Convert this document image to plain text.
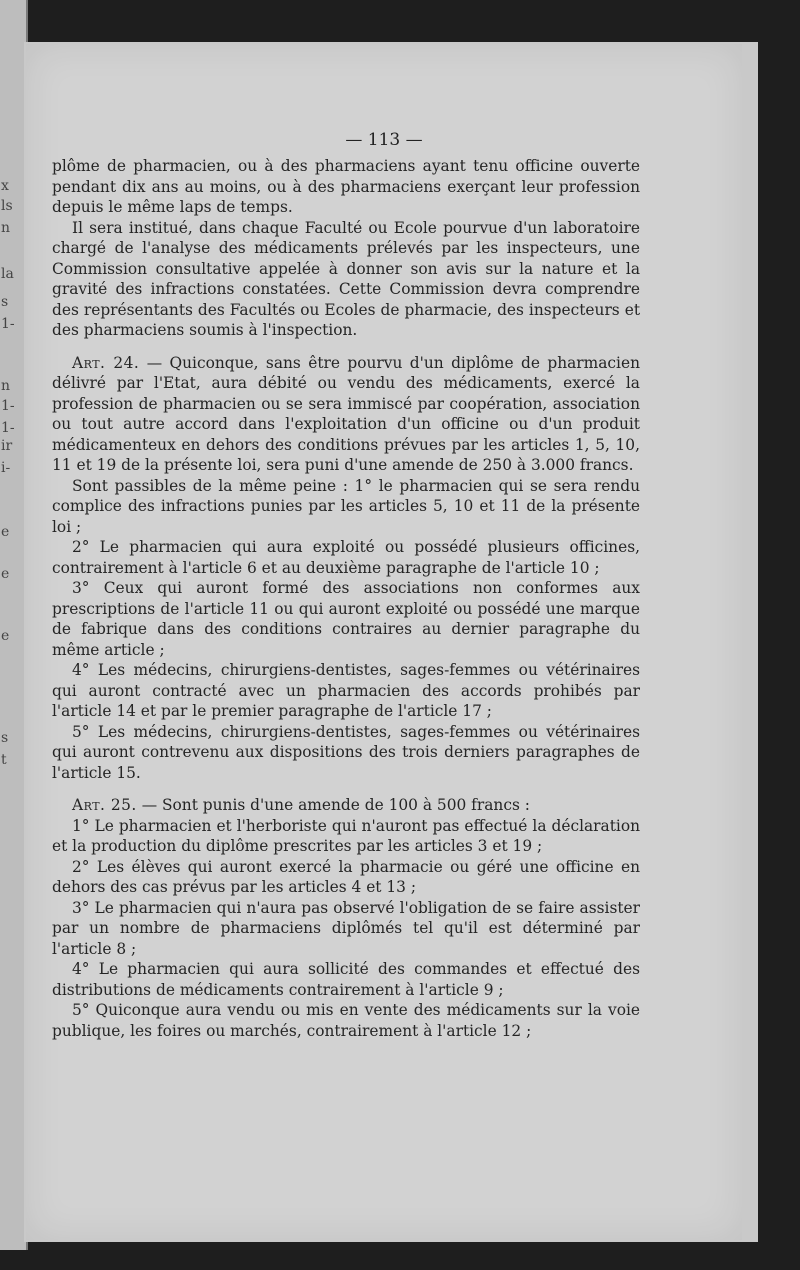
x
ls
n
la
s
1-
n
1-
1-
ir
i-
e
e
e
s
t
— 113 —

plôme de pharmacien, ou à des pharmaciens ayant tenu officine ouverte pendant dix ans au moins, ou à des pharmaciens exerçant leur profession depuis le même laps de temps.

Il sera institué, dans chaque Faculté ou Ecole pourvue d'un laboratoire chargé de l'analyse des médicaments prélevés par les inspecteurs, une Commission consultative appelée à donner son avis sur la nature et la gravité des infractions constatées. Cette Commission devra comprendre des représentants des Facultés ou Ecoles de pharmacie, des inspecteurs et des pharmaciens soumis à l'inspection.

Art. 24. — Quiconque, sans être pourvu d'un diplôme de pharmacien délivré par l'Etat, aura débité ou vendu des médicaments, exercé la profession de pharmacien ou se sera immiscé par coopération, association ou tout autre accord dans l'exploitation d'un officine ou d'un produit médicamenteux en dehors des conditions prévues par les articles 1, 5, 10, 11 et 19 de la présente loi, sera puni d'une amende de 250 à 3.000 francs.

Sont passibles de la même peine : 1° le pharmacien qui se sera rendu complice des infractions punies par les articles 5, 10 et 11 de la présente loi ;

2° Le pharmacien qui aura exploité ou possédé plusieurs officines, contrairement à l'article 6 et au deuxième paragraphe de l'article 10 ;

3° Ceux qui auront formé des associations non conformes aux prescriptions de l'article 11 ou qui auront exploité ou possédé une marque de fabrique dans des conditions contraires au dernier paragraphe du même article ;

4° Les médecins, chirurgiens-dentistes, sages-femmes ou vétérinaires qui auront contracté avec un pharmacien des accords prohibés par l'article 14 et par le premier paragraphe de l'article 17 ;

5° Les médecins, chirurgiens-dentistes, sages-femmes ou vétérinaires qui auront contrevenu aux dispositions des trois derniers paragraphes de l'article 15.

Art. 25. — Sont punis d'une amende de 100 à 500 francs :

1° Le pharmacien et l'herboriste qui n'auront pas effectué la déclaration et la production du diplôme prescrites par les articles 3 et 19 ;

2° Les élèves qui auront exercé la pharmacie ou géré une officine en dehors des cas prévus par les articles 4 et 13 ;

3° Le pharmacien qui n'aura pas observé l'obligation de se faire assister par un nombre de pharmaciens diplômés tel qu'il est déterminé par l'article 8 ;

4° Le pharmacien qui aura sollicité des commandes et effectué des distributions de médicaments contrairement à l'article 9 ;

5° Quiconque aura vendu ou mis en vente des médicaments sur la voie publique, les foires ou marchés, contrairement à l'article 12 ;
